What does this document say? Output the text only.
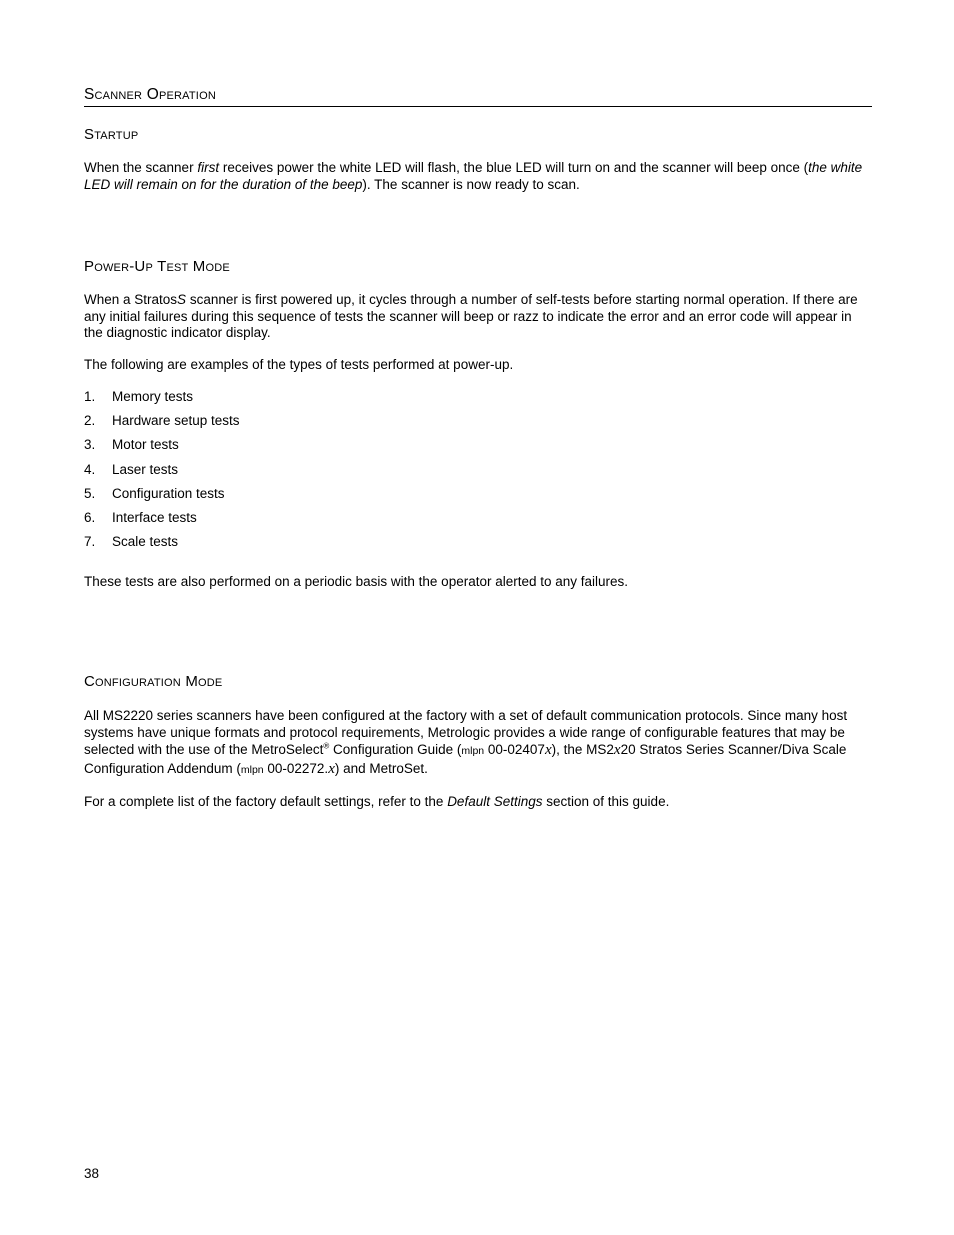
Scanner Operation
Startup
When the scanner first receives power the white LED will flash, the blue LED will turn on and the scanner will beep once (the white LED will remain on for the duration of the beep). The scanner is now ready to scan.
Power-Up Test Mode
When a StratosS scanner is first powered up, it cycles through a number of self-tests before starting normal operation. If there are any initial failures during this sequence of tests the scanner will beep or razz to indicate the error and an error code will appear in the diagnostic indicator display.
The following are examples of the types of tests performed at power-up.
1. Memory tests
2. Hardware setup tests
3. Motor tests
4. Laser tests
5. Configuration tests
6. Interface tests
7. Scale tests
These tests are also performed on a periodic basis with the operator alerted to any failures.
Configuration Mode
All MS2220 series scanners have been configured at the factory with a set of default communication protocols. Since many host systems have unique formats and protocol requirements, Metrologic provides a wide range of configurable features that may be selected with the use of the MetroSelect® Configuration Guide (mlpn 00-02407x), the MS2x20 Stratos Series Scanner/Diva Scale Configuration Addendum (mlpn 00-02272.x) and MetroSet.
For a complete list of the factory default settings, refer to the Default Settings section of this guide.
38
